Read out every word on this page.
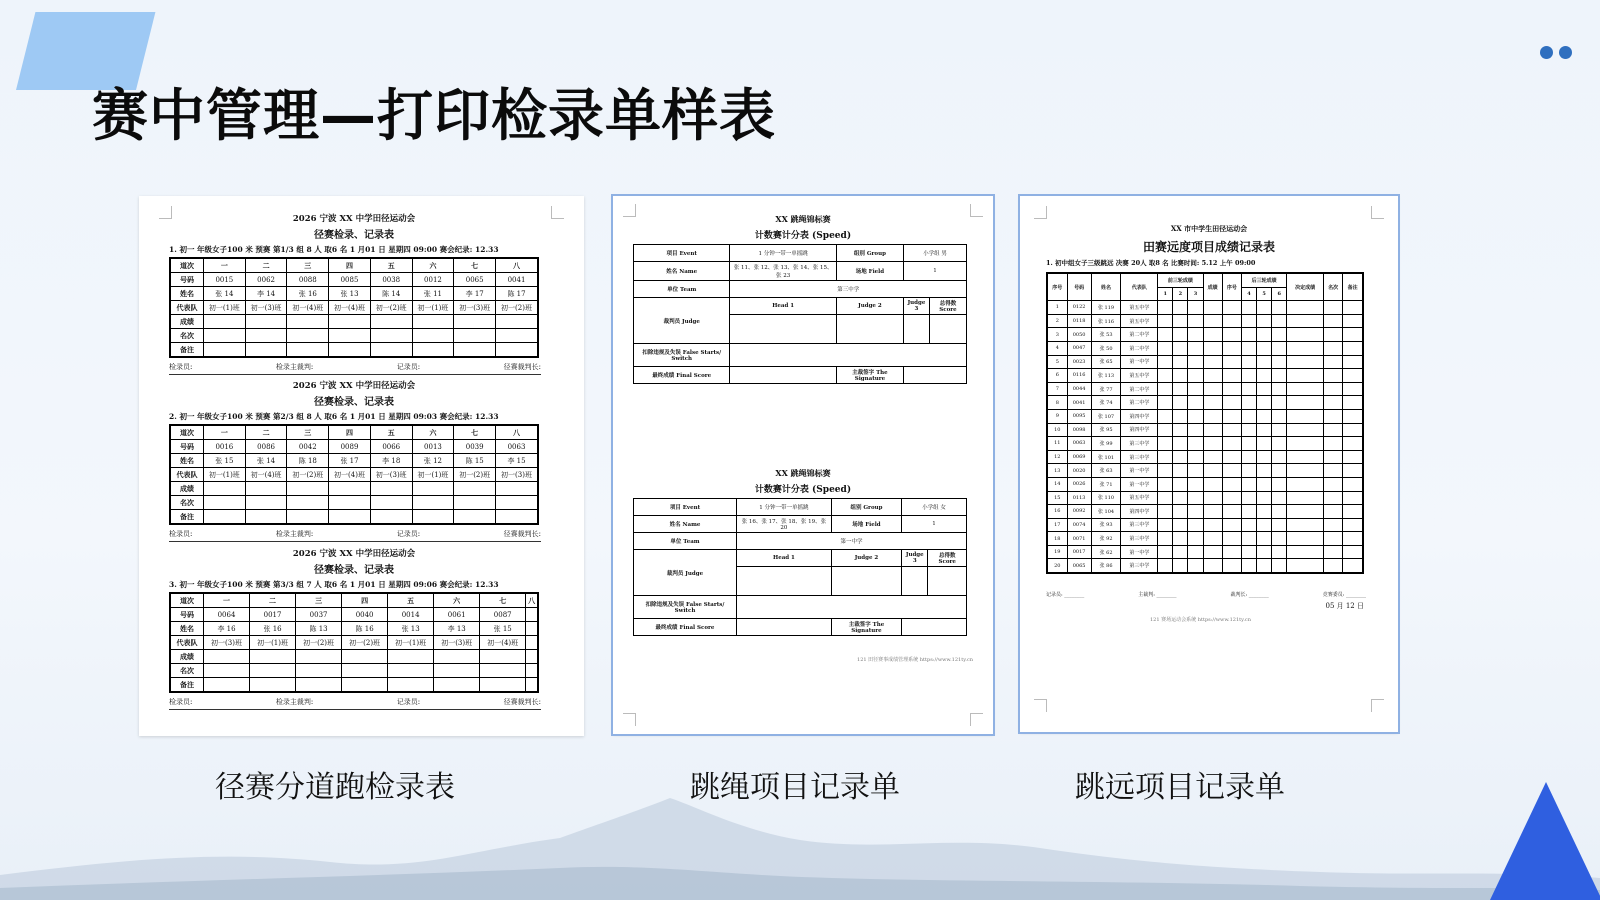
赛中管理—打印检录单样表
2026 宁波 XX 中学田径运动会
径赛检录、记录表
1. 初一 年级女子100 米 预赛 第1/3 组 8 人 取6 名 1 月01 日 星期四 09:00 赛会纪录: 12.33
道次	一	二	三	四	五	六	七	八
号码	0015	0062	0088	0085	0038	0012	0065	0041
姓名	张 14	李 14	张 16	张 13	陈 14	张 11	李 17	陈 17
代表队	初一(1)班	初一(3)班	初一(4)班	初一(4)班	初一(2)班	初一(1)班	初一(3)班	初一(2)班
成绩								
名次								
备注								
检录员:	检录主裁判:	记录员:	径赛裁判长:
2026 宁波 XX 中学田径运动会
径赛检录、记录表
2. 初一 年级女子100 米 预赛 第2/3 组 8 人 取6 名 1 月01 日 星期四 09:03 赛会纪录: 12.33
道次	一	二	三	四	五	六	七	八
号码	0016	0086	0042	0089	0066	0013	0039	0063
姓名	张 15	张 14	陈 18	张 17	李 18	张 12	陈 15	李 15
代表队	初一(1)班	初一(4)班	初一(2)班	初一(4)班	初一(3)班	初一(1)班	初一(2)班	初一(3)班
成绩								
名次								
备注								
检录员:	检录主裁判:	记录员:	径赛裁判长:
2026 宁波 XX 中学田径运动会
径赛检录、记录表
3. 初一 年级女子100 米 预赛 第3/3 组 7 人 取6 名 1 月01 日 星期四 09:06 赛会纪录: 12.33
道次	一	二	三	四	五	六	七	八
号码	0064	0017	0037	0040	0014	0061	0087	
姓名	李 16	张 16	陈 13	陈 16	张 13	李 13	张 15	
代表队	初一(3)班	初一(1)班	初一(2)班	初一(2)班	初一(1)班	初一(3)班	初一(4)班	
成绩								
名次								
备注								
检录员:	检录主裁判:	记录员:	径赛裁判长:
XX 跳绳锦标赛
计数赛计分表 (Speed)
项目 Event	1 分钟一带一单摇跳	组别 Group	小学组 男	
姓名 Name	张 11、张 12、张 13、张 14、张 15、张 23	场地 Field	1	
单位 Team	第三中学			
裁判员 Judge	Head 1	Judge 2	Judge 3	总得数 Score

扣除违规及失误 False Starts/ Switch				
最终成绩 Final Score		主裁签字 The Signature		
XX 跳绳锦标赛
计数赛计分表 (Speed)
项目 Event	1 分钟一带一单摇跳	组别 Group	小学组 女	
姓名 Name	张 16、张 17、张 18、张 19、张 20	场地 Field	1	
单位 Team	第一中学			
裁判员 Judge	Head 1	Judge 2	Judge 3	总得数 Score

扣除违规及失误 False Starts/ Switch				
最终成绩 Final Score		主裁签字 The Signature		
121 田径赛事成绩管理系统 https://www.121ty.cn
XX 市中学生田径运动会
田赛远度项目成绩记录表
1. 初中组女子三级跳远 决赛 20人 取8 名 比赛时间: 5.12 上午 09:00
序号	号码	姓名	代表队	前三轮成绩			成绩	序号	后三轮成绩			决定成绩	名次	备注
				1	2	3			4	5	6			
1	0122	张 119	第五中学											
2	0118	张 116	第五中学											
3	0050	张 53	第二中学											
4	0047	张 50	第二中学											
5	0023	张 65	第一中学											
6	0116	张 113	第五中学											
7	0044	张 77	第二中学											
8	0041	张 74	第二中学											
9	0095	张 107	第四中学											
10	0098	张 95	第四中学											
11	0063	张 99	第三中学											
12	0069	张 101	第三中学											
13	0020	张 63	第一中学											
14	0026	张 71	第一中学											
15	0113	张 110	第五中学											
16	0092	张 104	第四中学											
17	0074	张 93	第三中学											
18	0071	张 92	第三中学											
19	0017	张 62	第一中学											
20	0065	张 86	第三中学											
记录员: ________	主裁判: ________	裁判长: ________	竞赛委员: ________
05 月 12 日
121 赛场运动会系统 https://www.121ty.cn
径赛分道跑检录表	跳绳项目记录单	跳远项目记录单
